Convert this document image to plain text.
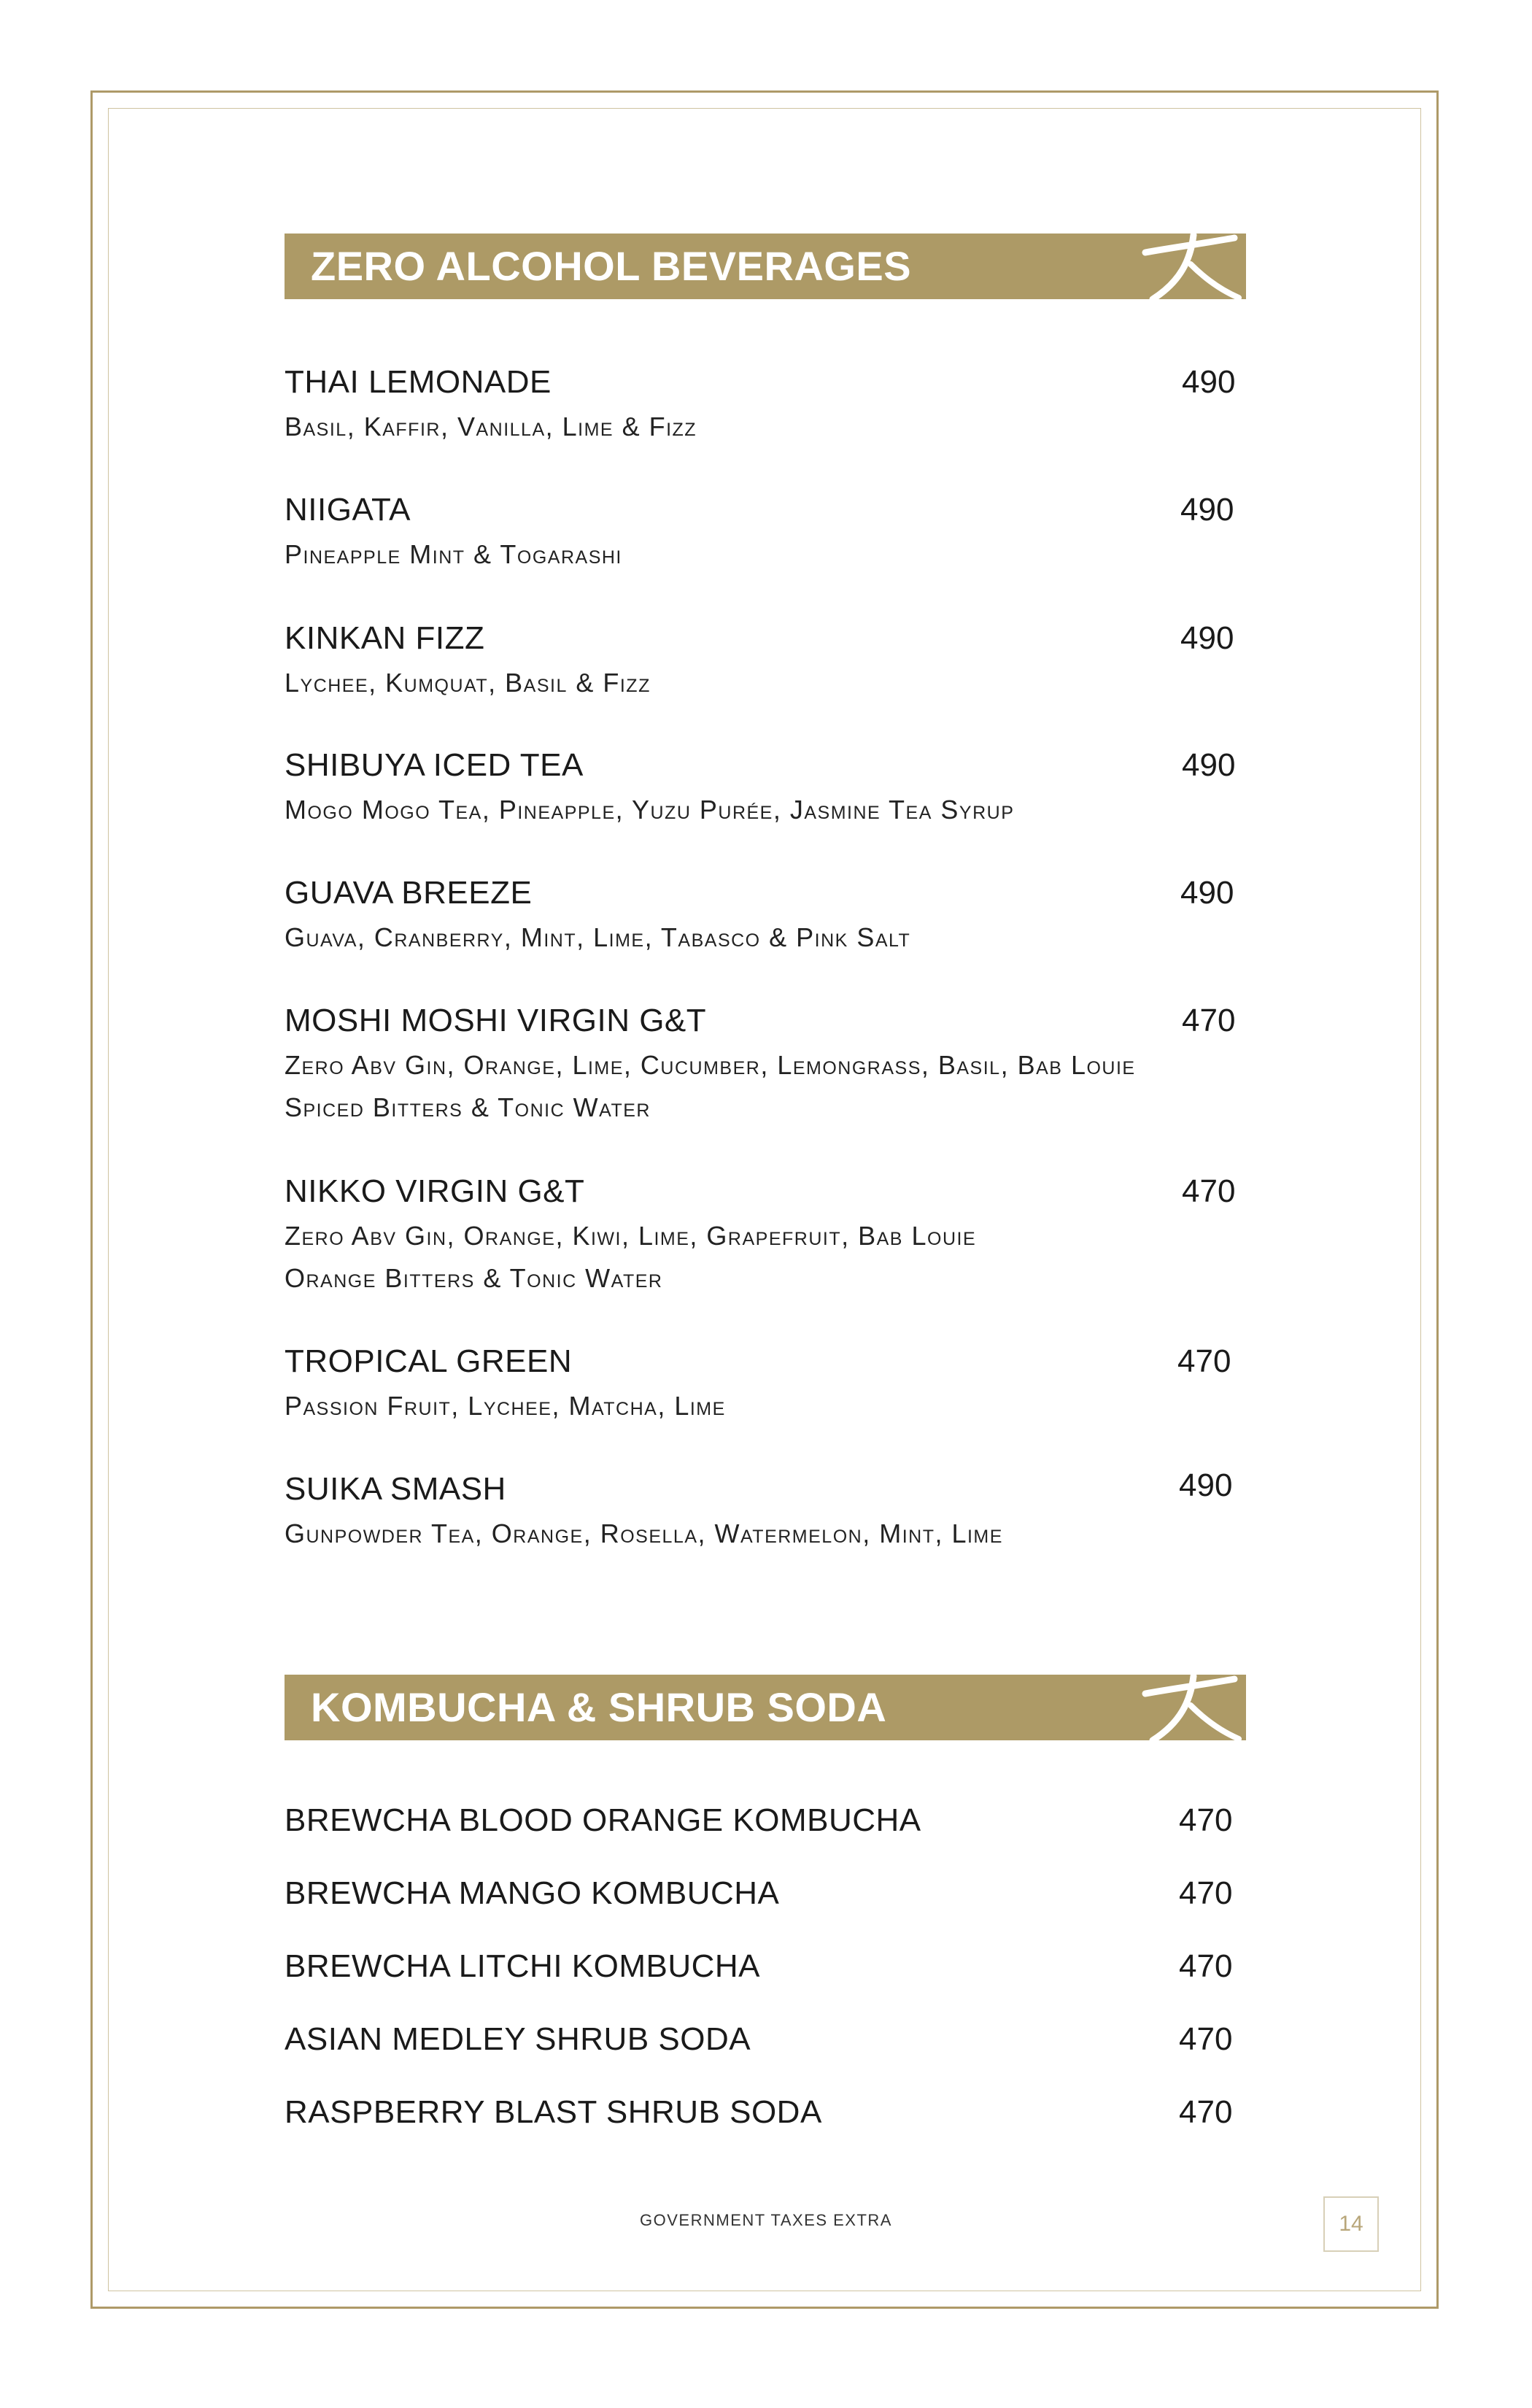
ZERO ALCOHOL BEVERAGES
THAI LEMONADE	490
Basil, Kaffir, Vanilla, Lime & Fizz
NIIGATA	490
Pineapple Mint & Togarashi
KINKAN FIZZ	490
Lychee, Kumquat, Basil & Fizz
SHIBUYA ICED TEA	490
Mogo Mogo Tea, Pineapple, Yuzu Purée, Jasmine Tea Syrup
GUAVA BREEZE	490
Guava, Cranberry, Mint, Lime, Tabasco & Pink Salt
MOSHI MOSHI VIRGIN G&T	470
Zero Abv Gin, Orange, Lime, Cucumber, Lemongrass, Basil, Bab Louie Spiced Bitters & Tonic Water
NIKKO VIRGIN G&T	470
Zero Abv Gin, Orange, Kiwi, Lime, Grapefruit, Bab Louie Orange Bitters & Tonic Water
TROPICAL GREEN	470
Passion Fruit, Lychee, Matcha, Lime
SUIKA SMASH	490
Gunpowder Tea, Orange, Rosella, Watermelon, Mint, Lime
KOMBUCHA & SHRUB SODA
BREWCHA BLOOD ORANGE KOMBUCHA	470
BREWCHA MANGO KOMBUCHA	470
BREWCHA LITCHI KOMBUCHA	470
ASIAN MEDLEY SHRUB SODA	470
RASPBERRY BLAST SHRUB SODA	470
GOVERNMENT TAXES EXTRA	14
